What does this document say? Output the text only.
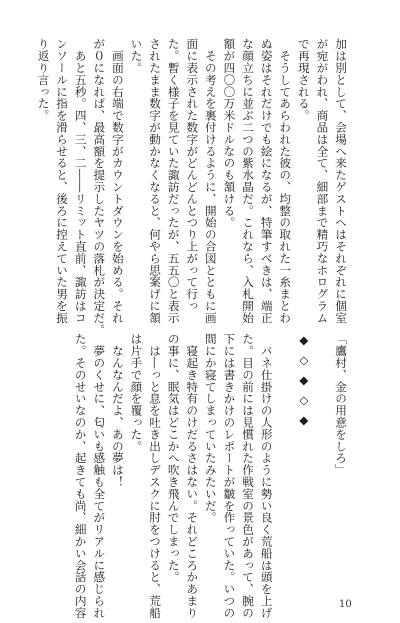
加は別として、会場へ来たゲストへはそれぞれに個室
が宛がわれ、商品は全て、細部まで精巧なホログラム
で再現される。
　そうしてあらわれた彼の、均整の取れた一糸まとわ
ぬ姿はそれだけでも絵になるが、特筆すべきは、端正
な顔立ちに並ぶ二つの紫水晶だ。これなら、入札開始
額が四〇〇万米ドルなのも頷ける。
　その考えを裏付けるように、開始の合図とともに画
面に表示された数字がどんどんとつり上がって行っ
た。暫く様子を見ていた諏訪だったが、五五〇と表示
されたまま数字が動かなくなると、何やら思案げに頷
いた。
　画面の右端で数字がカウントダウンを始める。それ
が０になれば、最高額を提示したヤツの落札が決定だ。
　あと五秒。四、三、二――リミット直前、諏訪はコ
ンソールに指を滑らせると、後ろに控えていた男を振
り返り言った。
「鷹村、金の用意をしろ」
◆◇◆◇◆
　バネ仕掛けの人形のように勢い良く荒船は頭を上げ
た。目の前には見慣れた作戦室の景色があって、腕の
下には書きかけのレポートが皺を作っていた。いつの
間にか寝てしまっていたみたいだ。
　寝起き特有のけだるさはない。それどころかあまり
の事に、眠気はどこかへ吹き飛んでしまった。
　は―っと息を吐き出しデスクに肘をつけると、荒船
は片手で顔を覆った。
　なんなんだよ、あの夢は！
　夢のくせに、匂いも感触も全てがリアルに感じられ
た。そのせいなのか、起きても尚、細かい会話の内容	10
